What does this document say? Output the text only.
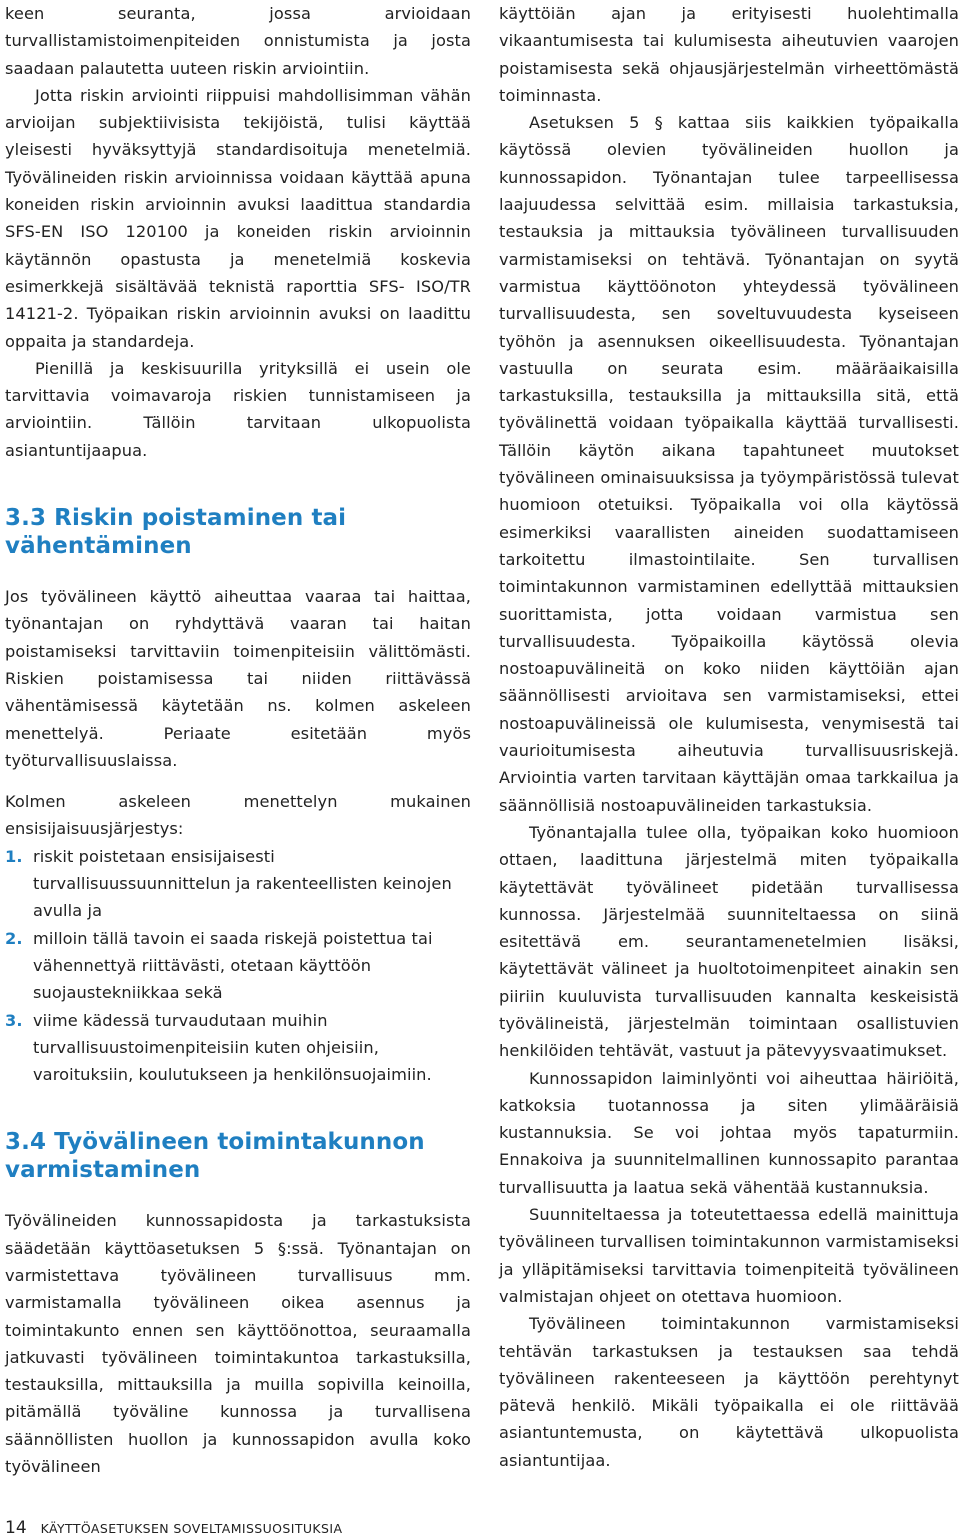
keen seuranta, jossa arvioidaan turvallistamistoimenpiteiden onnistumista ja josta saadaan palautetta uuteen riskin arviointiin.

Jotta riskin arviointi riippuisi mahdollisimman vähän arvioijan subjektiivisista tekijöistä, tulisi käyttää yleisesti hyväksyttyjä standardisoituja menetelmiä. Työvälineiden riskin arvioinnissa voidaan käyttää apuna koneiden riskin arvioinnin avuksi laadittua standardia SFS-EN ISO 120100 ja koneiden riskin arvioinnin käytännön opastusta ja menetelmiä koskevia esimerkkejä sisältävää teknistä raporttia SFS- ISO/TR 14121-2. Työpaikan riskin arvioinnin avuksi on laadittu oppaita ja standardeja.

Pienillä ja keskisuurilla yrityksillä ei usein ole tarvittavia voimavaroja riskien tunnistamiseen ja arviointiin. Tällöin tarvitaan ulkopuolista asiantuntijaapua.

3.3 Riskin poistaminen tai vähentäminen

Jos työvälineen käyttö aiheuttaa vaaraa tai haittaa, työnantajan on ryhdyttävä vaaran tai haitan poistamiseksi tarvittaviin toimenpiteisiin välittömästi. Riskien poistamisessa tai niiden riittävässä vähentämisessä käytetään ns. kolmen askeleen menettelyä. Periaate esitetään myös työturvallisuuslaissa.

Kolmen askeleen menettelyn mukainen ensisijaisuusjärjestys:

1. riskit poistetaan ensisijaisesti turvallisuussuunnittelun ja rakenteellisten keinojen avulla ja
2. milloin tällä tavoin ei saada riskejä poistettua tai vähennettyä riittävästi, otetaan käyttöön suojaustekniikkaa sekä
3. viime kädessä turvaudutaan muihin turvallisuustoimenpiteisiin kuten ohjeisiin, varoituksiin, koulutukseen ja henkilönsuojaimiin.
3.4 Työvälineen toimintakunnon varmistaminen

Työvälineiden kunnossapidosta ja tarkastuksista säädetään käyttöasetuksen 5 §:ssä. Työnantajan on varmistettava työvälineen turvallisuus mm. varmistamalla työvälineen oikea asennus ja toimintakunto ennen sen käyttöönottoa, seuraamalla jatkuvasti työvälineen toimintakuntoa tarkastuksilla, testauksilla, mittauksilla ja muilla sopivilla keinoilla, pitämällä työväline kunnossa ja turvallisena säännöllisten huollon ja kunnossapidon avulla koko työvälineen

käyttöiän ajan ja erityisesti huolehtimalla vikaantumisesta tai kulumisesta aiheutuvien vaarojen poistamisesta sekä ohjausjärjestelmän virheettömästä toiminnasta.

Asetuksen 5 § kattaa siis kaikkien työpaikalla käytössä olevien työvälineiden huollon ja kunnossapidon. Työnantajan tulee tarpeellisessa laajuudessa selvittää esim. millaisia tarkastuksia, testauksia ja mittauksia työvälineen turvallisuuden varmistamiseksi on tehtävä. Työnantajan on syytä varmistua käyttöönoton yhteydessä työvälineen turvallisuudesta, sen soveltuvuudesta kyseiseen työhön ja asennuksen oikeellisuudesta. Työnantajan vastuulla on seurata esim. määräaikaisilla tarkastuksilla, testauksilla ja mittauksilla sitä, että työvälinettä voidaan työpaikalla käyttää turvallisesti. Tällöin käytön aikana tapahtuneet muutokset työvälineen ominaisuuksissa ja työympäristössä tulevat huomioon otetuiksi. Työpaikalla voi olla käytössä esimerkiksi vaarallisten aineiden suodattamiseen tarkoitettu ilmastointilaite. Sen turvallisen toimintakunnon varmistaminen edellyttää mittauksien suorittamista, jotta voidaan varmistua sen turvallisuudesta. Työpaikoilla käytössä olevia nostoapuvälineitä on koko niiden käyttöiän ajan säännöllisesti arvioitava sen varmistamiseksi, ettei nostoapuvälineissä ole kulumisesta, venymisestä tai vaurioitumisesta aiheutuvia turvallisuusriskejä. Arviointia varten tarvitaan käyttäjän omaa tarkkailua ja säännöllisiä nostoapuvälineiden tarkastuksia.

Työnantajalla tulee olla, työpaikan koko huomioon ottaen, laadittuna järjestelmä miten työpaikalla käytettävät työvälineet pidetään turvallisessa kunnossa. Järjestelmää suunniteltaessa on siinä esitettävä em. seurantamenetelmien lisäksi, käytettävät välineet ja huoltotoimenpiteet ainakin sen piiriin kuuluvista turvallisuuden kannalta keskeisistä työvälineistä, järjestelmän toimintaan osallistuvien henkilöiden tehtävät, vastuut ja pätevyysvaatimukset.

Kunnossapidon laiminlyönti voi aiheuttaa häiriöitä, katkoksia tuotannossa ja siten ylimääräisiä kustannuksia. Se voi johtaa myös tapaturmiin. Ennakoiva ja suunnitelmallinen kunnossapito parantaa turvallisuutta ja laatua sekä vähentää kustannuksia.

Suunniteltaessa ja toteutettaessa edellä mainittuja työvälineen turvallisen toimintakunnon varmistamiseksi ja ylläpitämiseksi tarvittavia toimenpiteitä työvälineen valmistajan ohjeet on otettava huomioon.

Työvälineen toimintakunnon varmistamiseksi tehtävän tarkastuksen ja testauksen saa tehdä työvälineen rakenteeseen ja käyttöön perehtynyt pätevä henkilö. Mikäli työpaikalla ei ole riittävää asiantuntemusta, on käytettävä ulkopuolista asiantuntijaa.

14 KÄYTTÖASETUKSEN SOVELTAMISSUOSITUKSIA
